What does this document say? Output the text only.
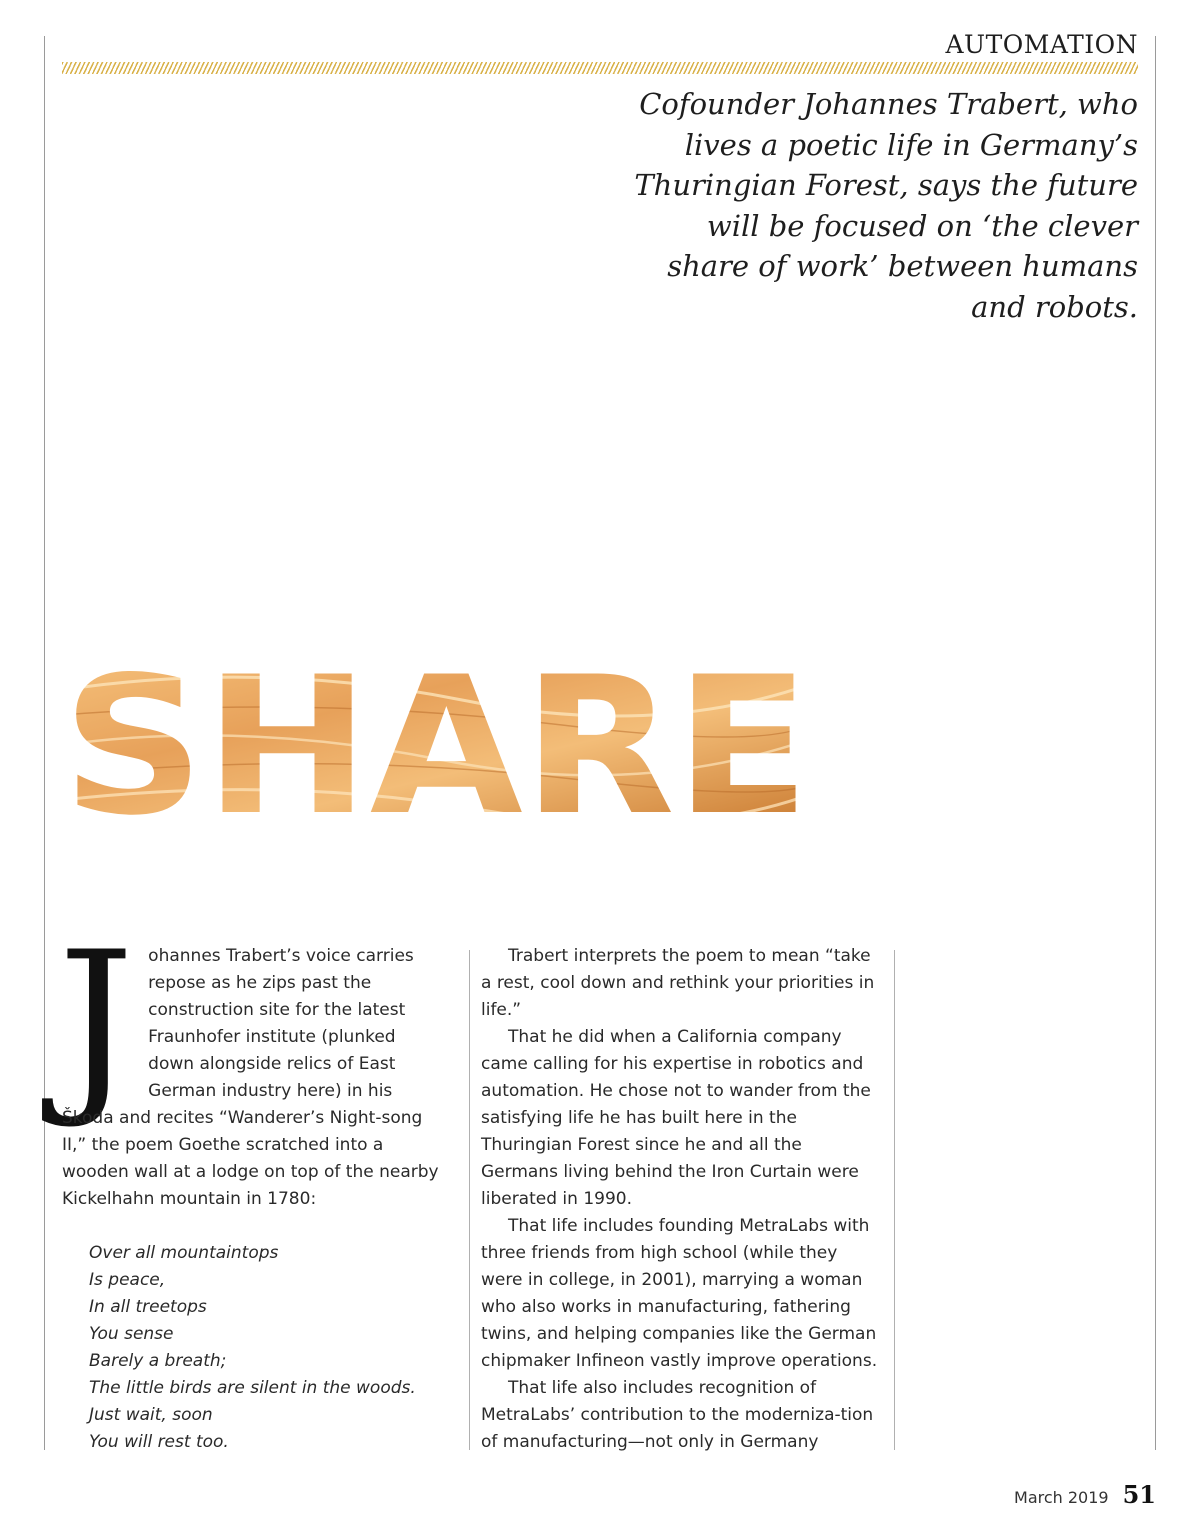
AUTOMATION

Cofounder Johannes Trabert, who lives a poetic life in Germany’s Thuringian Forest, says the future will be focused on ‘the clever share of work’ between humans and robots.

SHARE
J ohannes Trabert’s voice carries repose as he zips past the construction site for the latest Fraunhofer institute (plunked down alongside relics of East German industry here) in his Škoda and recites “Wanderer’s Night-song II,” the poem Goethe scratched into a wooden wall at a lodge on top of the nearby Kickelhahn mountain in 1780:

Over all mountaintops
Is peace,
In all treetops
You sense
Barely a breath;
The little birds are silent in the woods.
Just wait, soon
You will rest too.

Trabert interprets the poem to mean “take a rest, cool down and rethink your priorities in life.”

That he did when a California company came calling for his expertise in robotics and automation. He chose not to wander from the satisfying life he has built here in the Thuringian Forest since he and all the Germans living behind the Iron Curtain were liberated in 1990.

That life includes founding MetraLabs with three friends from high school (while they were in college, in 2001), marrying a woman who also works in manufacturing, fathering twins, and helping companies like the German chipmaker Infineon vastly improve operations.

That life also includes recognition of MetraLabs’ contribution to the moderniza-tion of manufacturing—not only in Germany

March 2019 51
